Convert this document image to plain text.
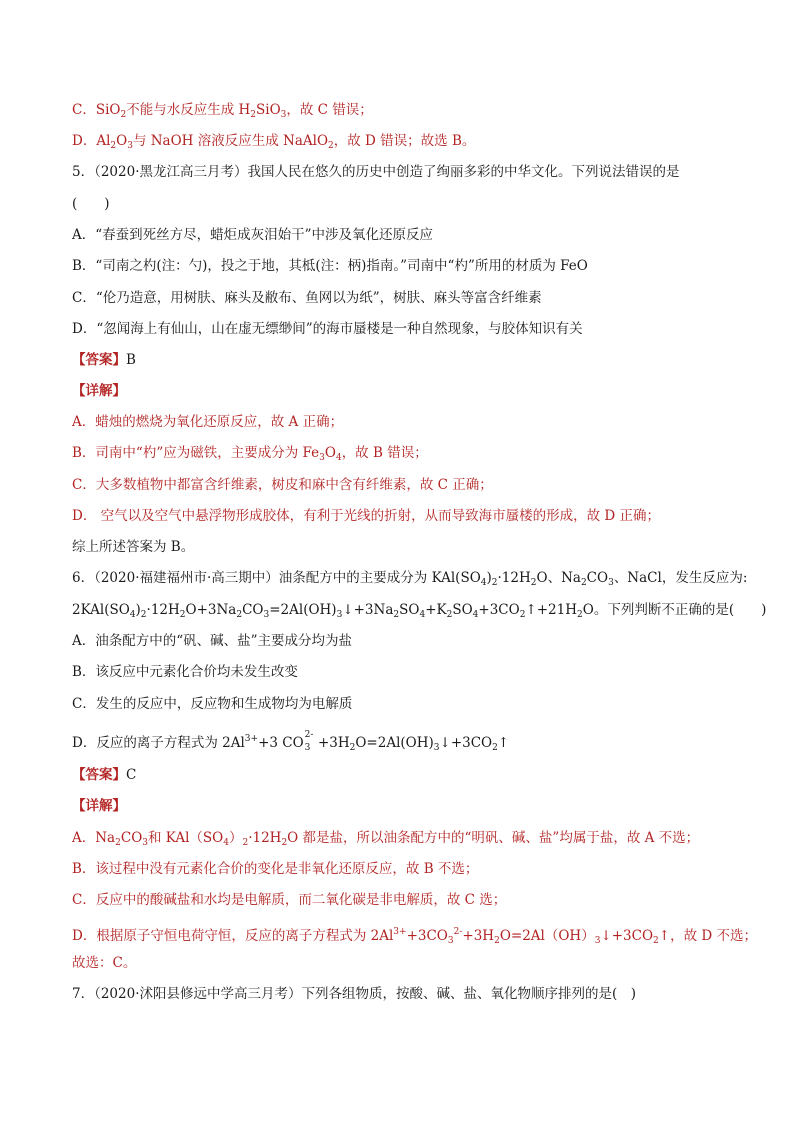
C．SiO$_2$不能与水反应生成 $H_2SiO_3$，故 C 错误；
D．$Al_2O_3$与 NaOH 溶液反应生成 NaAlO$_2$，故 D 错误；故选 B。
5．（2020·黑龙江高三月考）我国人民在悠久的历史中创造了绚丽多彩的中华文化。下列说法错误的是
(　　)
A．“春蚕到死丝方尽，蜡炬成灰泪始干”中涉及氧化还原反应
B．“司南之杓(注：勺)，投之于地，其柢(注：柄)指南。”司南中“杓”所用的材质为 FeO
C．“伦乃造意，用树肤、麻头及敝布、鱼网以为纸”，树肤、麻头等富含纤维素
D．“忽闻海上有仙山，山在虚无缥缈间”的海市蜃楼是一种自然现象，与胶体知识有关
【答案】B
【详解】
A．蜡烛的燃烧为氧化还原反应，故 A 正确；
B．司南中“杓”应为磁铁，主要成分为 $Fe_3O_4$，故 B 错误；
C．大多数植物中都富含纤维素，树皮和麻中含有纤维素，故 C 正确；
D． 空气以及空气中悬浮物形成胶体，有利于光线的折射，从而导致海市蜃楼的形成，故 D 正确；
综上所述答案为 B。
6．（2020·福建福州市·高三期中）油条配方中的主要成分为 $KAl(SO_4)_2\cdot 12H_2O$、$Na_2CO_3$、NaCl，发生反应为:
$2KAl(SO_4)_2\cdot 12H_2O+3Na_2CO_3=2Al(OH)_3↓+3Na_2SO_4+K_2SO_4+3CO_2↑+21H_2O$。下列判断不正确的是(　　)
A．油条配方中的“矾、碱、盐”主要成分均为盐
B．该反应中元素化合价均未发生改变
C．发生的反应中，反应物和生成物均为电解质
D．反应的离子方程式为 $2Al^{3+}+3$ CO 2-
$3 +3H_2O=2Al(OH)_3↓+3CO_2↑$
【答案】C
【详解】
A．$Na_2CO_3$和 $KAl(SO_4)_2\cdot 12H_2O$ 都是盐，所以油条配方中的“明矾、碱、盐”均属于盐，故 A 不选；
B．该过程中没有元素化合价的变化是非氧化还原反应，故 B 不选；
C．反应中的酸碱盐和水均是电解质，而二氧化碳是非电解质，故 C 选；
D．根据原子守恒电荷守恒，反应的离子方程式为 $2Al^{3+}+3CO_3^{2-}+3H_2O=2Al(OH)_3↓+3CO_2↑$，故 D 不选；
故选：C。
7．（2020·沭阳县修远中学高三月考）下列各组物质，按酸、碱、盐、氧化物顺序排列的是(　)
